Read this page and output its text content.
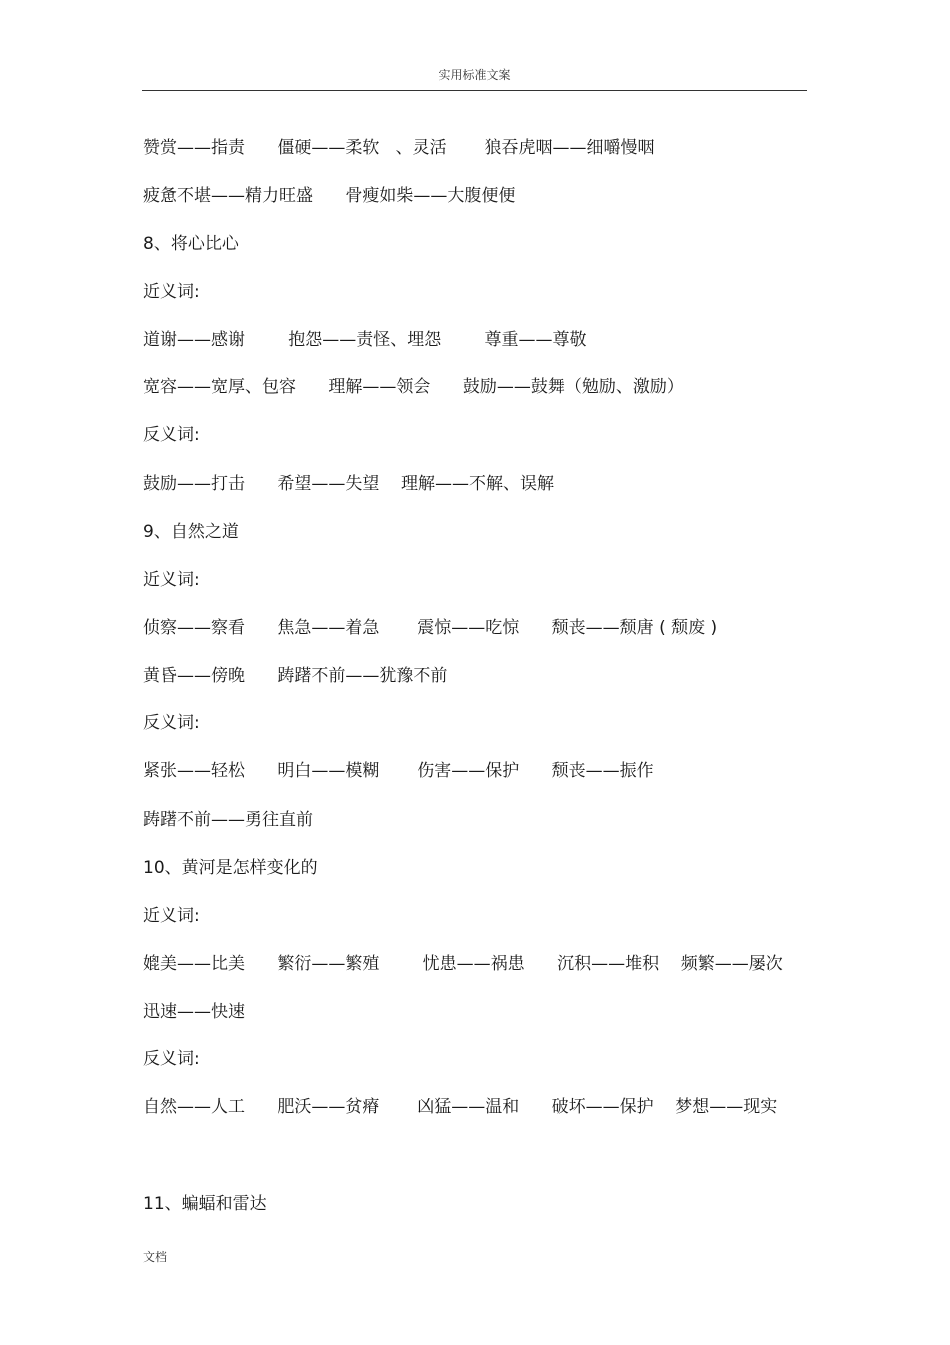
实用标准文案
赞赏——指责      僵硬——柔软   、灵活       狼吞虎咽——细嚼慢咽
疲惫不堪——精力旺盛      骨瘦如柴——大腹便便
8、将心比心
近义词:
道谢——感谢        抱怨——责怪、埋怨        尊重——尊敬
宽容——宽厚、包容      理解——领会      鼓励——鼓舞（勉励、激励）
反义词:
鼓励——打击      希望——失望    理解——不解、误解
9、自然之道
近义词:
侦察——察看      焦急——着急       震惊——吃惊      颓丧——颓唐 ( 颓废 )
黄昏——傍晚      踌躇不前——犹豫不前
反义词:
紧张——轻松      明白——模糊       伤害——保护      颓丧——振作
踌躇不前——勇往直前
10、黄河是怎样变化的
近义词:
媲美——比美      繁衍——繁殖        忧患——祸患      沉积——堆积    频繁——屡次
迅速——快速
反义词:
自然——人工      肥沃——贫瘠       凶猛——温和      破坏——保护    梦想——现实
11、蝙蝠和雷达
文档
